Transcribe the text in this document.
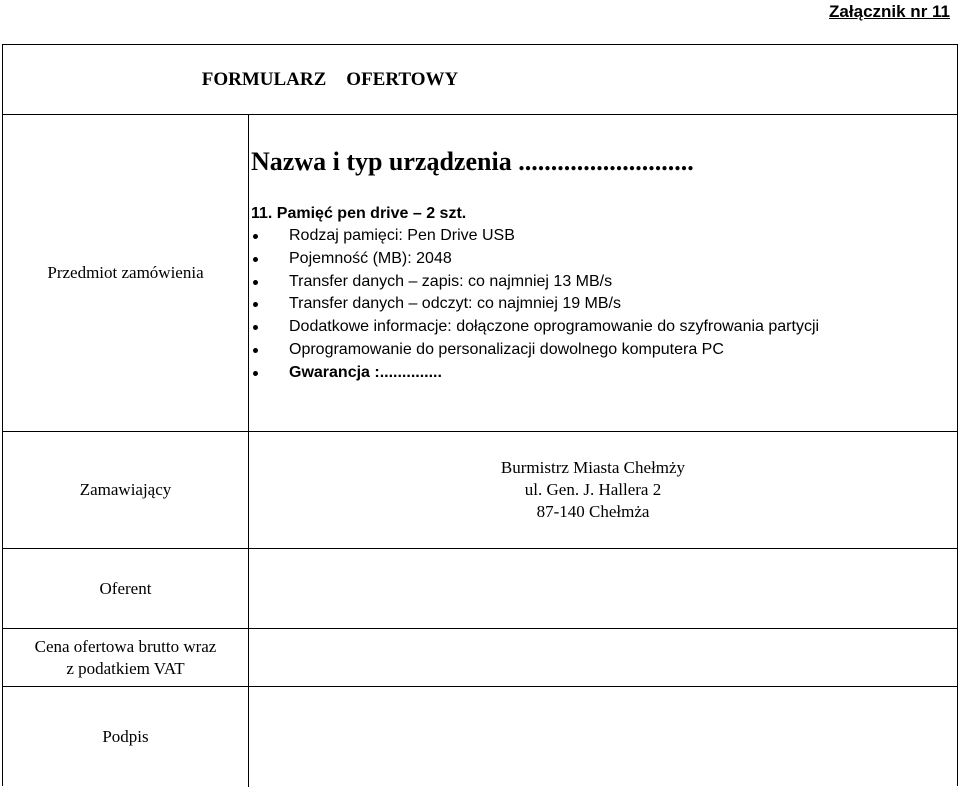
Załącznik nr 11
FORMULARZ OFERTOWY
Przedmiot zamówienia
Nazwa i typ urządzenia ...........................
11. Pamięć pen drive – 2 szt.
Rodzaj pamięci: Pen Drive USB
Pojemność (MB): 2048
Transfer danych – zapis: co najmniej 13 MB/s
Transfer danych – odczyt: co najmniej 19 MB/s
Dodatkowe informacje: dołączone oprogramowanie do szyfrowania partycji
Oprogramowanie do personalizacji dowolnego komputera PC
Gwarancja :..............
Zamawiający
Burmistrz Miasta Chełmży
ul. Gen. J. Hallera 2
87-140 Chełmża
Oferent
Cena ofertowa brutto wraz
z podatkiem VAT
Podpis
